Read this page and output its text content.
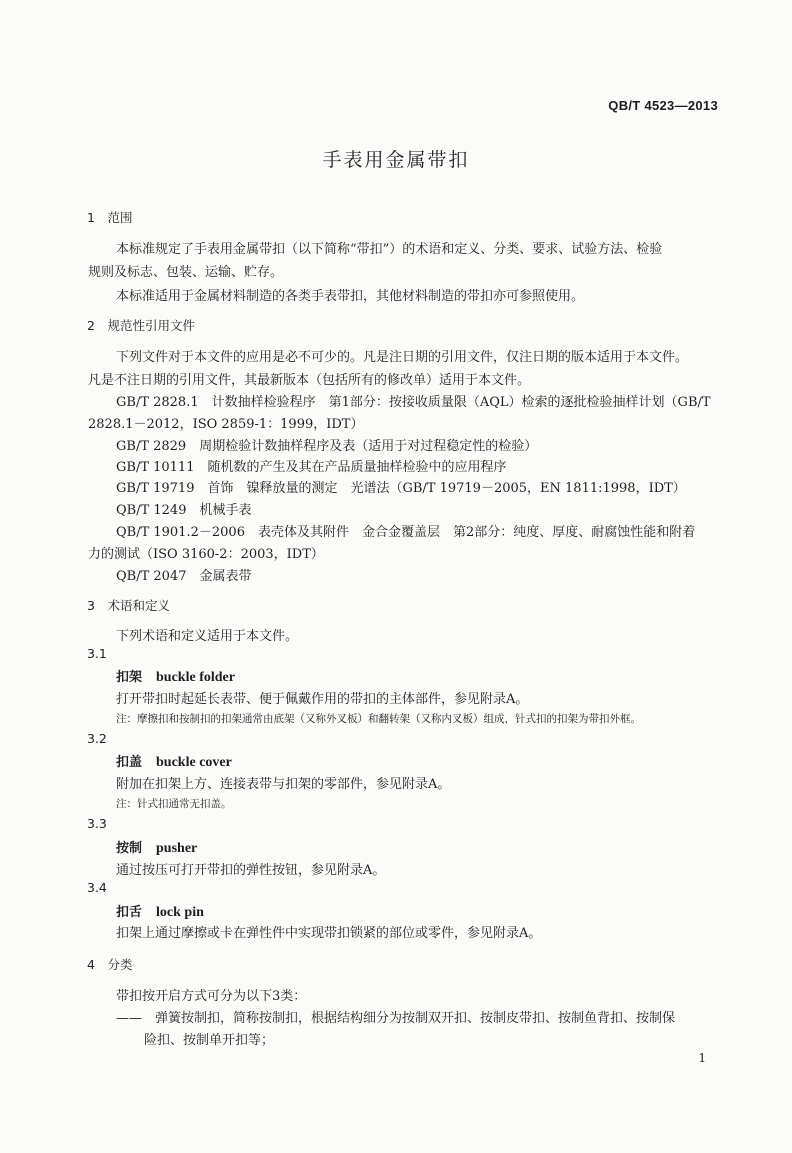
QB/T 4523—2013
手表用金属带扣
1　范围
本标准规定了手表用金属带扣（以下简称“带扣”）的术语和定义、分类、要求、试验方法、检验
规则及标志、包装、运输、贮存。
本标准适用于金属材料制造的各类手表带扣，其他材料制造的带扣亦可参照使用。
2　规范性引用文件
下列文件对于本文件的应用是必不可少的。凡是注日期的引用文件，仅注日期的版本适用于本文件。
凡是不注日期的引用文件，其最新版本（包括所有的修改单）适用于本文件。
GB/T 2828.1　计数抽样检验程序　第1部分：按接收质量限（AQL）检索的逐批检验抽样计划（GB/T
2828.1－2012，ISO 2859-1：1999，IDT）
GB/T 2829　周期检验计数抽样程序及表（适用于对过程稳定性的检验）
GB/T 10111　随机数的产生及其在产品质量抽样检验中的应用程序
GB/T 19719　首饰　镍释放量的测定　光谱法（GB/T 19719－2005，EN 1811:1998，IDT）
QB/T 1249　机械手表
QB/T 1901.2－2006　表壳体及其附件　金合金覆盖层　第2部分：纯度、厚度、耐腐蚀性能和附着
力的测试（ISO 3160-2：2003，IDT）
QB/T 2047　金属表带
3　术语和定义
下列术语和定义适用于本文件。
3.1
扣架 buckle folder
打开带扣时起延长表带、便于佩戴作用的带扣的主体部件，参见附录A。
注：摩擦扣和按制扣的扣架通常由底架（又称外叉板）和翻转架（又称内叉板）组成，针式扣的扣架为带扣外框。
3.2
扣盖 buckle cover
附加在扣架上方、连接表带与扣架的零部件，参见附录A。
注：针式扣通常无扣盖。
3.3
按制 pusher
通过按压可打开带扣的弹性按钮，参见附录A。
3.4
扣舌 lock pin
扣架上通过摩擦或卡在弹性件中实现带扣锁紧的部位或零件，参见附录A。
4　分类
带扣按开启方式可分为以下3类：
——　弹簧按制扣，简称按制扣，根据结构细分为按制双开扣、按制皮带扣、按制鱼背扣、按制保
险扣、按制单开扣等；
1
